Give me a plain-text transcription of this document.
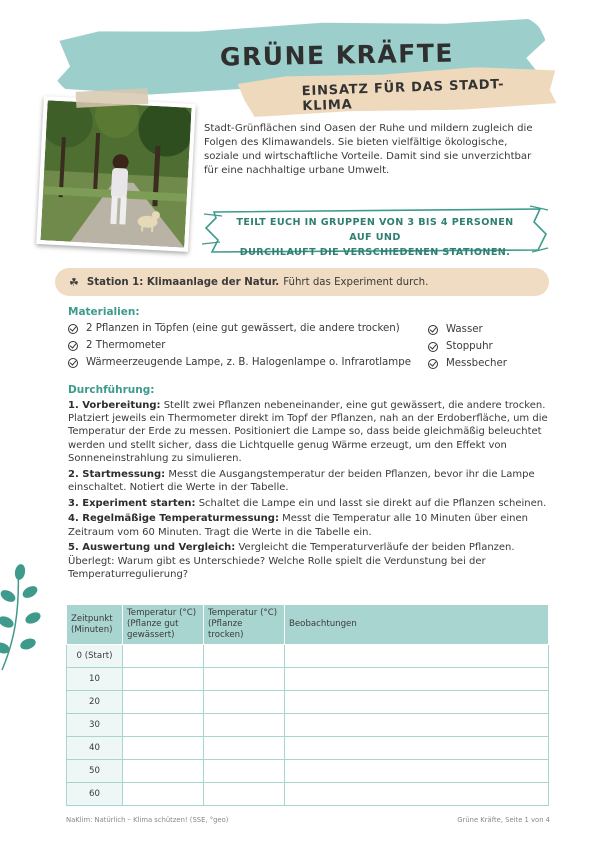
GRÜNE KRÄFTE
EINSATZ FÜR DAS STADT-KLIMA

Stadt-Grünflächen sind Oasen der Ruhe und mildern zugleich die Folgen des Klimawandels. Sie bieten vielfältige ökologische, soziale und wirtschaftliche Vorteile. Damit sind sie unverzichtbar für eine nachhaltige urbane Umwelt.

TEILT EUCH IN GRUPPEN VON 3 BIS 4 PERSONEN AUF UND
DURCHLAUFT DIE VERSCHIEDENEN STATIONEN.
☘ Station 1: Klimaanlage der Natur. Führt das Experiment durch.
Materialien:
2 Pflanzen in Töpfen (eine gut gewässert, die andere trocken)
2 Thermometer
Wärmeerzeugende Lampe, z. B. Halogenlampe o. Infrarotlampe
Wasser
Stoppuhr
Messbecher
Durchführung:

1. Vorbereitung: Stellt zwei Pflanzen nebeneinander, eine gut gewässert, die andere trocken. Platziert jeweils ein Thermometer direkt im Topf der Pflanzen, nah an der Erdoberfläche, um die Temperatur der Erde zu messen. Positioniert die Lampe so, dass beide gleichmäßig beleuchtet werden und stellt sicher, dass die Lichtquelle genug Wärme erzeugt, um den Effekt von Sonneneinstrahlung zu simulieren.

2. Startmessung: Messt die Ausgangstemperatur der beiden Pflanzen, bevor ihr die Lampe einschaltet. Notiert die Werte in der Tabelle.

3. Experiment starten: Schaltet die Lampe ein und lasst sie direkt auf die Pflanzen scheinen.

4. Regelmäßige Temperaturmessung: Messt die Temperatur alle 10 Minuten über einen Zeitraum vom 60 Minuten. Tragt die Werte in die Tabelle ein.

5. Auswertung und Vergleich: Vergleicht die Temperaturverläufe der beiden Pflanzen. Überlegt: Warum gibt es Unterschiede? Welche Rolle spielt die Verdunstung bei der Temperaturregulierung?

Zeitpunkt (Minuten)	Temperatur (°C) (Pflanze gut gewässert)	Temperatur (°C) (Pflanze trocken)	Beobachtungen
0 (Start)			
10			
20			
30			
40			
50			
60			
NaKlim: Natürlich – Klima schützen! (SSE, °geo)	Grüne Kräfte, Seite 1 von 4
